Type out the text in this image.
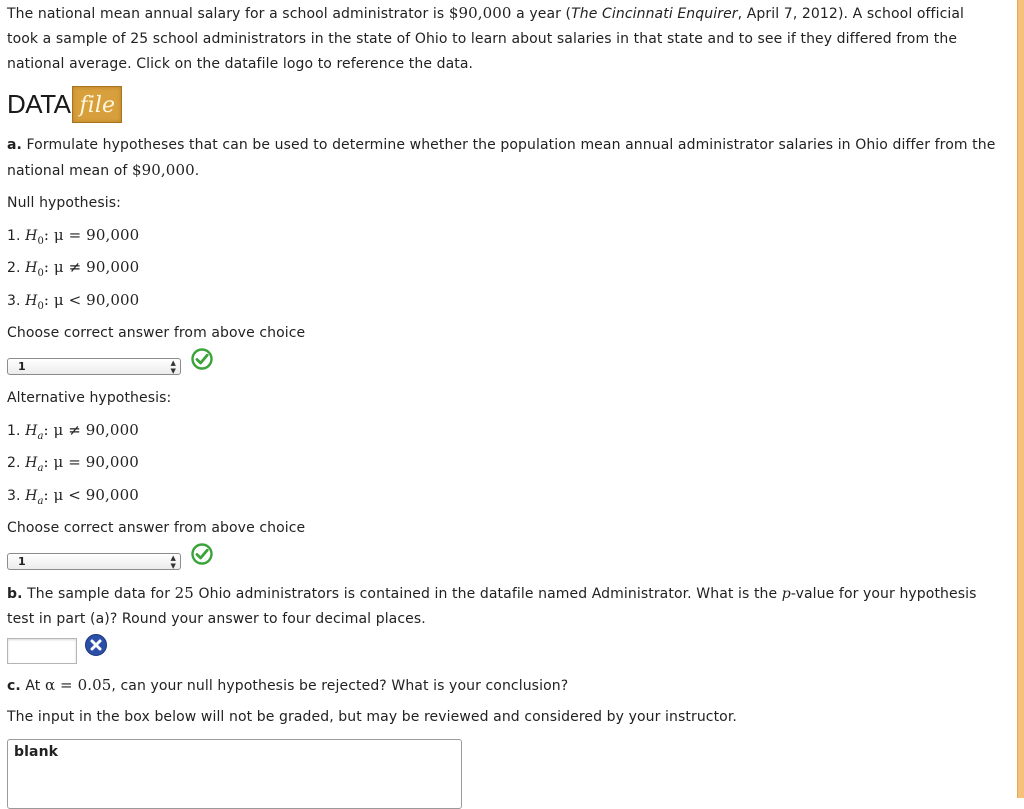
The national mean annual salary for a school administrator is $90,000 a year (The Cincinnati Enquirer, April 7, 2012). A school official took a sample of 25 school administrators in the state of Ohio to learn about salaries in that state and to see if they differed from the national average. Click on the datafile logo to reference the data.

DATA file

a. Formulate hypotheses that can be used to determine whether the population mean annual administrator salaries in Ohio differ from the national mean of $90,000.

Null hypothesis:

1. $H_0$: μ = 90,000
2. $H_0$: μ ≠ 90,000
3. $H_0$: μ < 90,000

Choose correct answer from above choice

1	▲
▼

Alternative hypothesis:

1. $H_a$: μ ≠ 90,000
2. $H_a$: μ = 90,000
3. $H_a$: μ < 90,000

Choose correct answer from above choice

1	▲
▼

b. The sample data for 25 Ohio administrators is contained in the datafile named Administrator. What is the p-value for your hypothesis test in part (a)? Round your answer to four decimal places.

c. At α = 0.05, can your null hypothesis be rejected? What is your conclusion?

The input in the box below will not be graded, but may be reviewed and considered by your instructor.

blank
